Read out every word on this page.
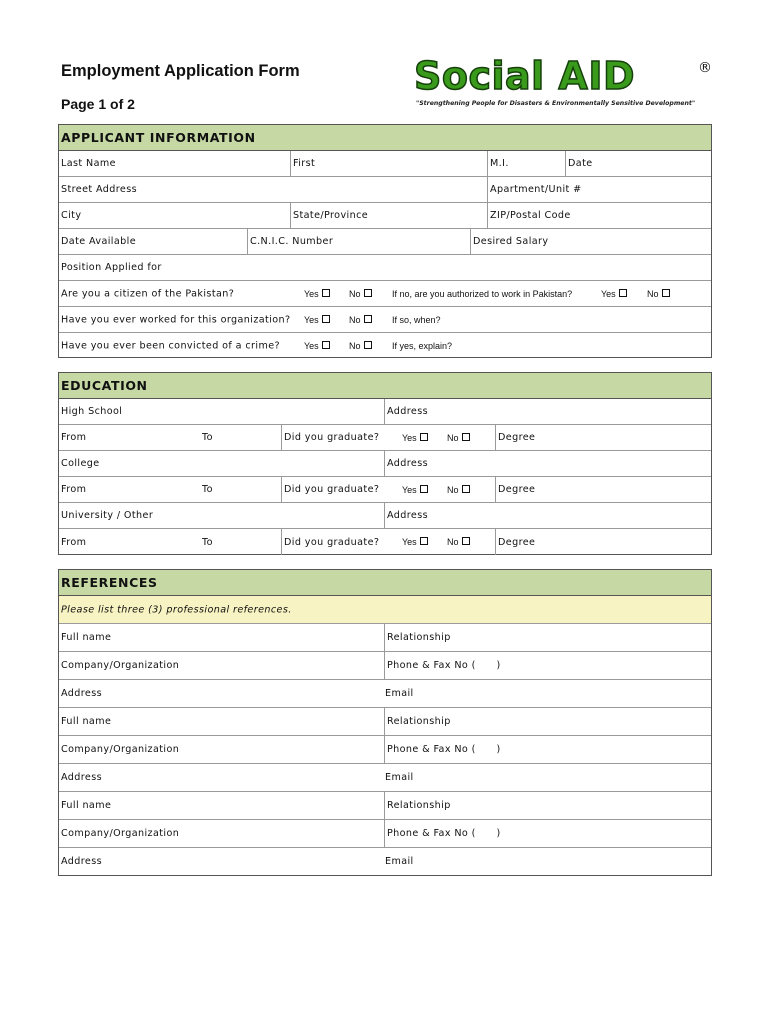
Employment Application Form
Page 1 of 2
Social AID	®
"Strengthening People for Disasters & Environmentally Sensitive Development"
APPLICANT INFORMATION
Last Name	First	M.I.	Date
Street Address	Apartment/Unit #
City	State/Province	ZIP/Postal Code
Date Available	C.N.I.C. Number	Desired Salary
Position Applied for
Are you a citizen of the Pakistan?	Yes	No	If no, are you authorized to work in Pakistan?	Yes	No
Have you ever worked for this organization? Yes	No	If so, when?
Have you ever been convicted of a crime?	Yes	No	If yes, explain?
EDUCATION
High School	Address
From	To	Did you graduate?	Yes	No	Degree
College	Address
From	To	Did you graduate?	Yes	No	Degree
University / Other	Address
From	To	Did you graduate?	Yes	No	Degree
REFERENCES
Please list three (3) professional references.
Full name	Relationship
Company/Organization	Phone & Fax No (      )
Address	Email
Full name	Relationship
Company/Organization	Phone & Fax No (      )
Address	Email
Full name	Relationship
Company/Organization	Phone & Fax No (      )
Address	Email
